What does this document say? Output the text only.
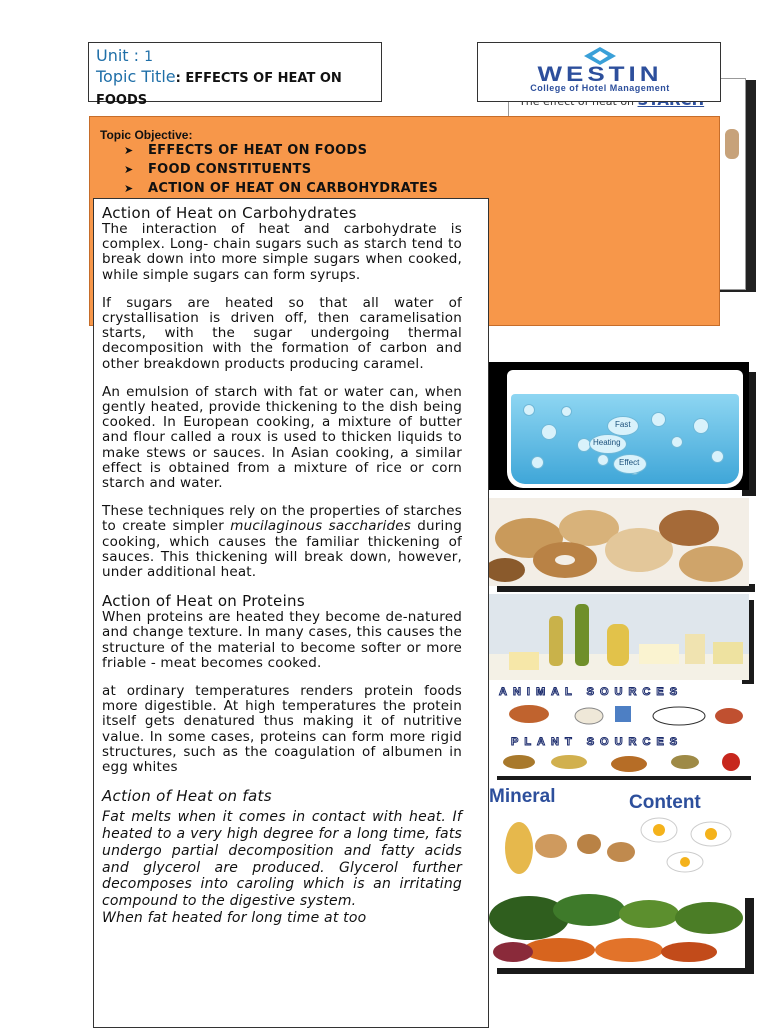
Unit : 1
Topic Title: EFFECTS OF HEAT ON FOODS
WESTIN
College of Hotel Management
Topic Objective:
➤ EFFECTS OF HEAT ON FOODS
➤ FOOD CONSTITUENTS
➤ ACTION OF HEAT ON CARBOHYDRATES
Action of Heat on Carbohydrates

The interaction of heat and carbohydrate is complex. Long- chain sugars such as starch tend to break down into more simple sugars when cooked, while simple sugars can form syrups.

If sugars are heated so that all water of crystallisation is driven off, then caramelisation starts, with the sugar undergoing thermal decomposition with the formation of carbon and other breakdown products producing caramel.

An emulsion of starch with fat or water can, when gently heated, provide thickening to the dish being cooked. In European cooking, a mixture of butter and flour called a roux is used to thicken liquids to make stews or sauces. In Asian cooking, a similar effect is obtained from a mixture of rice or corn starch and water.

These techniques rely on the properties of starches to create simpler mucilaginous saccharides during cooking, which causes the familiar thickening of sauces. This thickening will break down, however, under additional heat.

Action of Heat on Proteins

When proteins are heated they become de-natured and change texture. In many cases, this causes the structure of the material to become softer or more friable - meat becomes cooked.

at ordinary temperatures renders protein foods more digestible. At high temperatures the protein itself gets denatured thus making it of nutritive value. In some cases, proteins can form more rigid structures, such as the coagulation of albumen in egg whites

Action of Heat on fats

Fat melts when it comes in contact with heat. If heated to a very high degree for a long time, fats undergo partial decomposition and fatty acids and glycerol are produced. Glycerol further decomposes into caroling which is an irritating compound to the digestive system.

When fat heated for long time at too

Fast
Heating
Effect
ANIMAL SOURCES
PLANT SOURCES
Mineral	Content
